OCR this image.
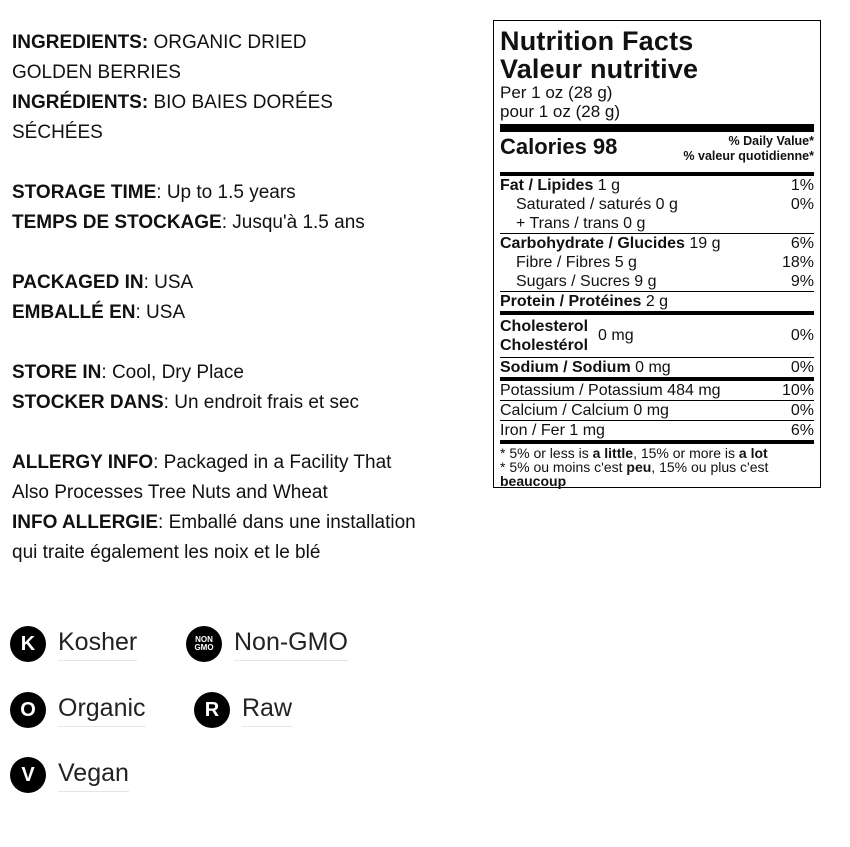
INGREDIENTS: ORGANIC DRIED
GOLDEN BERRIES
INGRÉDIENTS: BIO BAIES DORÉES
SÉCHÉES
STORAGE TIME: Up to 1.5 years
TEMPS DE STOCKAGE: Jusqu'à 1.5 ans
PACKAGED IN: USA
EMBALLÉ EN: USA
STORE IN: Cool, Dry Place
STOCKER DANS: Un endroit frais et sec
ALLERGY INFO: Packaged in a Facility That
Also Processes Tree Nuts and Wheat
INFO ALLERGIE: Emballé dans une installation
qui traite également les noix et le blé
Nutrition Facts
Valeur nutritive
Per 1 oz (28 g)
pour 1 oz (28 g)
Calories 98	% Daily Value*
% valeur quotidienne*
Fat / Lipides 1 g	1%
Saturated / saturés 0 g	0%
+ Trans / trans 0 g
Carbohydrate / Glucides 19 g	6%
Fibre / Fibres 5 g	18%
Sugars / Sucres 9 g	9%
Protein / Protéines 2 g
Cholesterol
Cholestérol
0 mg	0%
Sodium / Sodium 0 mg	0%
Potassium / Potassium 484 mg	10%
Calcium / Calcium 0 mg	0%
Iron / Fer 1 mg	6%
* 5% or less is a little, 15% or more is a lot
* 5% ou moins c'est peu, 15% ou plus c'est
beaucoup
K Kosher	NON
GMO Non-GMO
O Organic	R Raw
V Vegan
